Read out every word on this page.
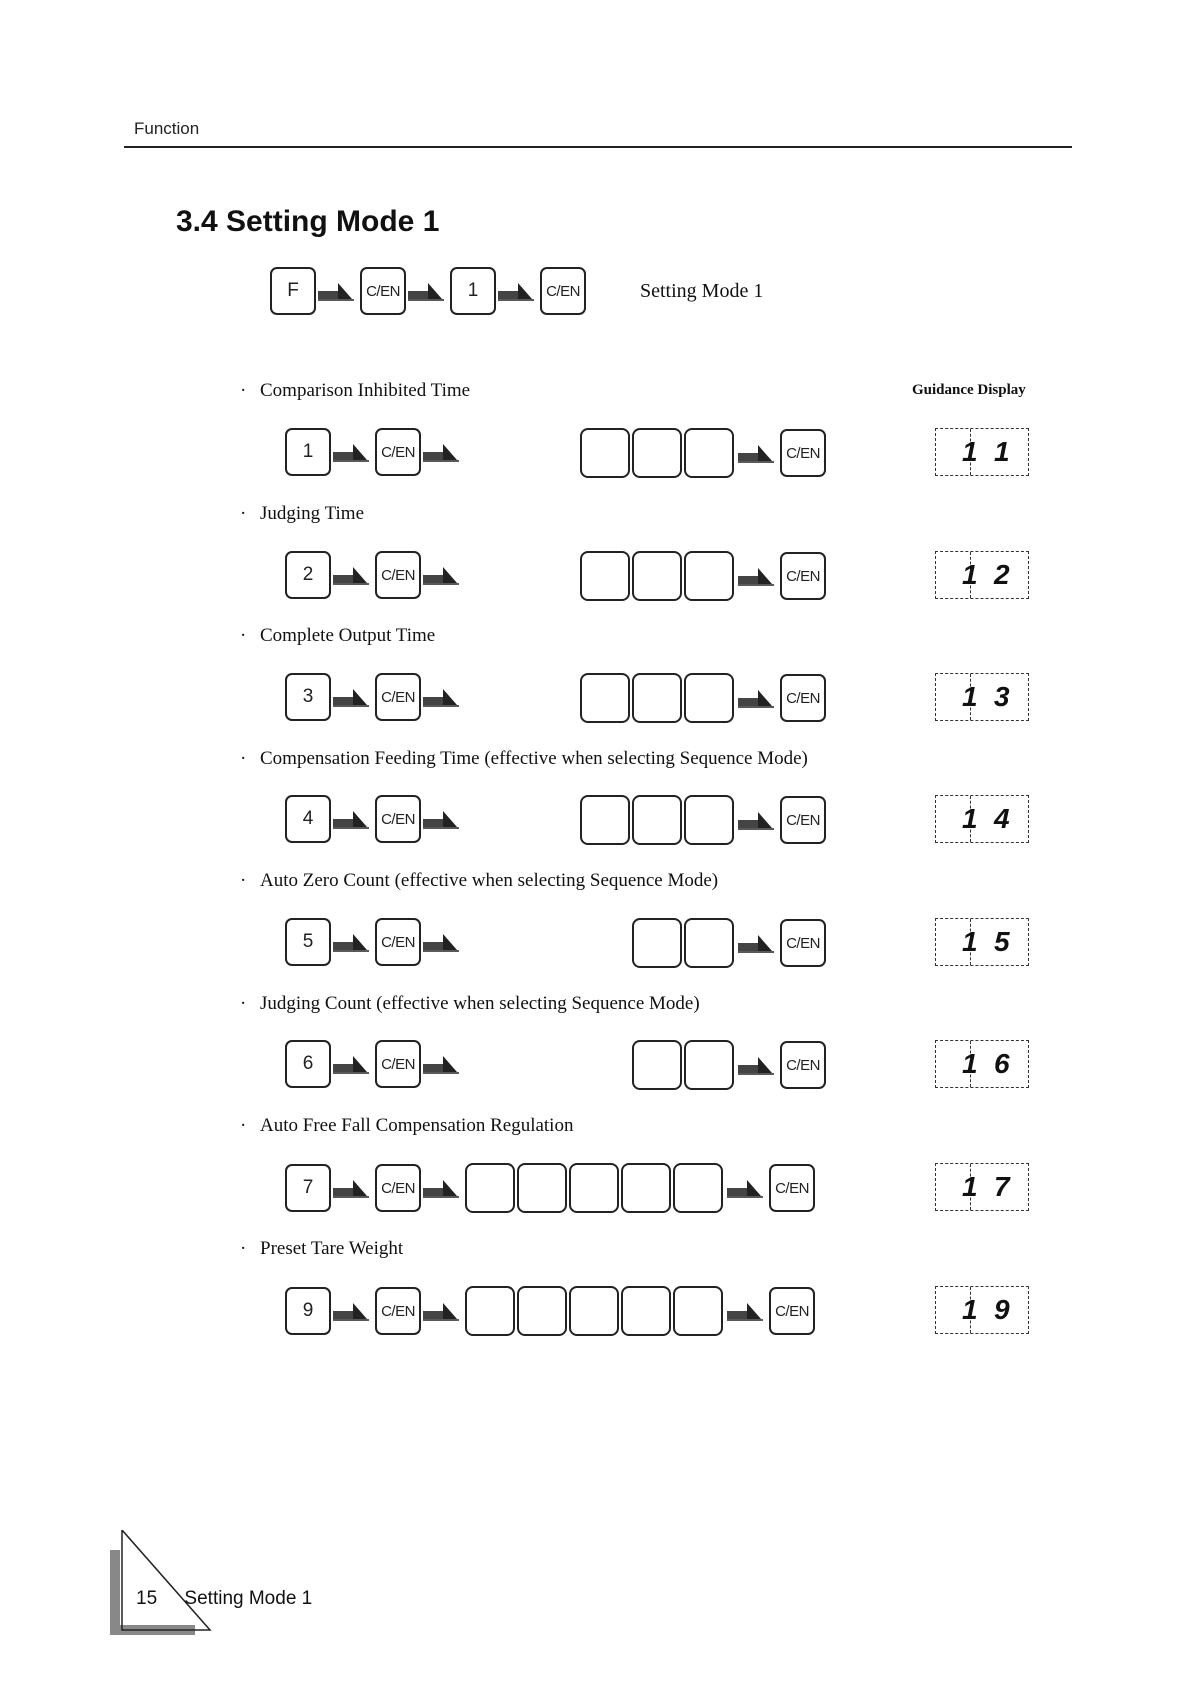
Function
3.4 Setting Mode 1
F	C/EN	1	C/EN	Setting Mode 1
Guidance Display
· Comparison Inhibited Time
1	C/EN	C/EN	1 1
· Judging Time
2	C/EN	C/EN	1 2
· Complete Output Time
3	C/EN	C/EN	1 3
· Compensation Feeding Time (effective when selecting Sequence Mode)
4	C/EN	C/EN	1 4
· Auto Zero Count (effective when selecting Sequence Mode)
5	C/EN	C/EN	1 5
· Judging Count (effective when selecting Sequence Mode)
6	C/EN	C/EN	1 6
· Auto Free Fall Compensation Regulation
7	C/EN	C/EN	1 7
· Preset Tare Weight
9	C/EN	C/EN	1 9
15 Setting Mode 1
